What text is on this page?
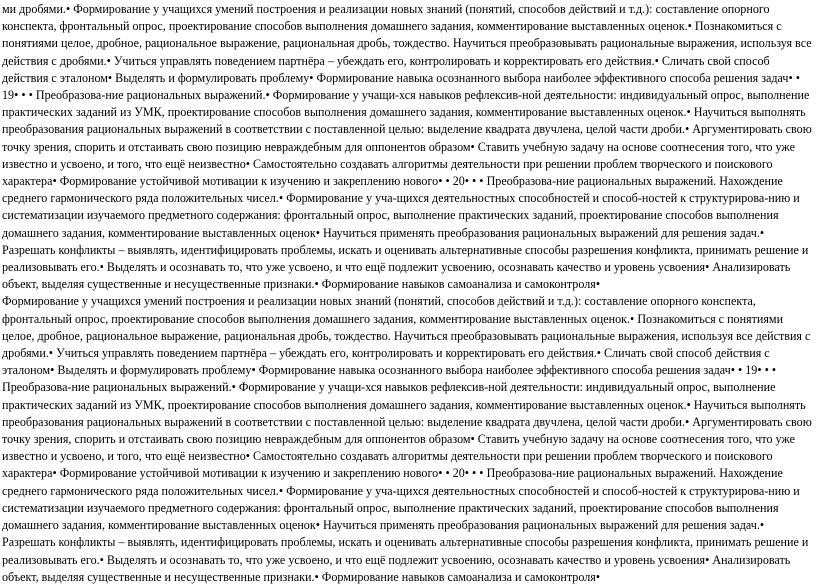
ми дробями.• Формирование у учащихся умений построения и реализации новых знаний (понятий, способов действий и т.д.): составление опорного конспекта, фронтальный опрос, проектирование способов выполнения домашнего задания, комментирование выставленных оценок.• Познакомиться с понятиями целое, дробное, рациональное выражение, рациональная дробь, тождество. Научиться преобразовывать рациональные выражения, используя все действия с дробями.• Учиться управлять поведением партнёра – убеждать его, контролировать и корректировать его действия.• Сличать свой способ действия с эталоном• Выделять и формулировать проблему• Формирование навыка осознанного выбора наиболее эффективного способа решения задач• • 19• • • Преобразова-ние рациональных выражений.• Формирование у учащи-хся навыков рефлексив-ной деятельности: индивидуальный опрос, выполнение практических заданий из УМК, проектирование способов выполнения домашнего задания, комментирование выставленных оценок.• Научиться выполнять преобразования рациональных выражений в соответствии с поставленной целью: выделение квадрата двучлена, целой части дроби.• Аргументировать свою точку зрения, спорить и отстаивать свою позицию невраждебным для оппонентов образом• Ставить учебную задачу на основе соотнесения того, что уже известно и усвоено, и того, что ещё неизвестно• Самостоятельно создавать алгоритмы деятельности при решении проблем творческого и поискового характера• Формирование устойчивой мотивации к изучению и закреплению нового• • 20• • • Преобразова-ние рациональных выражений. Нахождение среднего гармонического ряда положительных чисел.• Формирование у уча-щихся деятельностных способностей и способ-ностей к структурирова-нию и систематизации изучаемого предметного содержания: фронтальный опрос, выполнение практических заданий, проектирование способов выполнения домашнего задания, комментирование выставленных оценок• Научиться применять преобразования рациональных выражений для решения задач.• Разрешать конфликты – выявлять, идентифицировать проблемы, искать и оценивать альтернативные способы разрешения конфликта, принимать решение и реализовывать его.• Выделять и осознавать то, что уже усвоено, и что ещё подлежит усвоению, осознавать качество и уровень усвоения• Анализировать объект, выделяя существенные и несущественные признаки.• Формирование навыков самоанализа и самоконтроля•

Формирование у учащихся умений построения и реализации новых знаний (понятий, способов действий и т.д.): составление опорного конспекта, фронтальный опрос, проектирование способов выполнения домашнего задания, комментирование выставленных оценок.• Познакомиться с понятиями целое, дробное, рациональное выражение, рациональная дробь, тождество. Научиться преобразовывать рациональные выражения, используя все действия с дробями.• Учиться управлять поведением партнёра – убеждать его, контролировать и корректировать его действия.• Сличать свой способ действия с эталоном• Выделять и формулировать проблему• Формирование навыка осознанного выбора наиболее эффективного способа решения задач• • 19• • • Преобразова-ние рациональных выражений.• Формирование у учащи-хся навыков рефлексив-ной деятельности: индивидуальный опрос, выполнение практических заданий из УМК, проектирование способов выполнения домашнего задания, комментирование выставленных оценок.• Научиться выполнять преобразования рациональных выражений в соответствии с поставленной целью: выделение квадрата двучлена, целой части дроби.• Аргументировать свою точку зрения, спорить и отстаивать свою позицию невраждебным для оппонентов образом• Ставить учебную задачу на основе соотнесения того, что уже известно и усвоено, и того, что ещё неизвестно• Самостоятельно создавать алгоритмы деятельности при решении проблем творческого и поискового характера• Формирование устойчивой мотивации к изучению и закреплению нового• • 20• • • Преобразова-ние рациональных выражений. Нахождение среднего гармонического ряда положительных чисел.• Формирование у уча-щихся деятельностных способностей и способ-ностей к структурирова-нию и систематизации изучаемого предметного содержания: фронтальный опрос, выполнение практических заданий, проектирование способов выполнения домашнего задания, комментирование выставленных оценок• Научиться применять преобразования рациональных выражений для решения задач.• Разрешать конфликты – выявлять, идентифицировать проблемы, искать и оценивать альтернативные способы разрешения конфликта, принимать решение и реализовывать его.• Выделять и осознавать то, что уже усвоено, и что ещё подлежит усвоению, осознавать качество и уровень усвоения• Анализировать объект, выделяя существенные и несущественные признаки.• Формирование навыков самоанализа и самоконтроля•
